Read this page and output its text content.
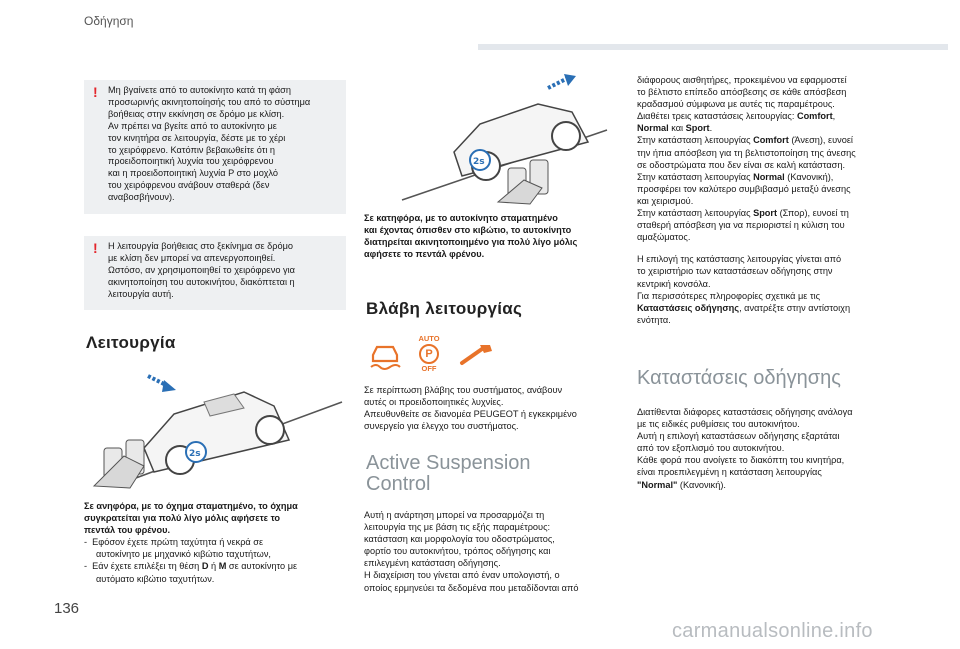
Οδήγηση
! Μη βγαίνετε από το αυτοκίνητο κατά τη φάση
προσωρινής ακινητοποίησής του από το σύστημα
βοήθειας στην εκκίνηση σε δρόμο με κλίση.
Αν πρέπει να βγείτε από το αυτοκίνητο με
τον κινητήρα σε λειτουργία, δέστε με το χέρι
το χειρόφρενο. Κατόπιν βεβαιωθείτε ότι η
προειδοποιητική λυχνία του χειρόφρενου
και η προειδοποιητική λυχνία P στο μοχλό
του χειρόφρενου ανάβουν σταθερά (δεν
αναβοσβήνουν).
! Η λειτουργία βοήθειας στο ξεκίνημα σε δρόμο
με κλίση δεν μπορεί να απενεργοποιηθεί.
Ωστόσο, αν χρησιμοποιηθεί το χειρόφρενο για
ακινητοποίηση του αυτοκινήτου, διακόπτεται η
λειτουργία αυτή.
Λειτουργία
2s
Σε ανηφόρα, με το όχημα σταματημένο, το όχημα
συγκρατείται για πολύ λίγο μόλις αφήσετε το
πεντάλ του φρένου.
- Εφόσον έχετε πρώτη ταχύτητα ή νεκρά σε
αυτοκίνητο με μηχανικό κιβώτιο ταχυτήτων,
- Εάν έχετε επιλέξει τη θέση D ή M σε αυτοκίνητο με
αυτόματο κιβώτιο ταχυτήτων.
2s
Σε κατηφόρα, με το αυτοκίνητο σταματημένο
και έχοντας όπισθεν στο κιβώτιο, το αυτοκίνητο
διατηρείται ακινητοποιημένο για πολύ λίγο μόλις
αφήσετε το πεντάλ φρένου.
Βλάβη λειτουργίας
AUTO
P
OFF
Σε περίπτωση βλάβης του συστήματος, ανάβουν
αυτές οι προειδοποιητικές λυχνίες.
Απευθυνθείτε σε διανομέα PEUGEOT ή εγκεκριμένο
συνεργείο για έλεγχο του συστήματος.
Active Suspension
Control
Αυτή η ανάρτηση μπορεί να προσαρμόζει τη
λειτουργία της με βάση τις εξής παραμέτρους:
κατάσταση και μορφολογία του οδοστρώματος,
φορτίο του αυτοκινήτου, τρόπος οδήγησης και
επιλεγμένη κατάσταση οδήγησης.
Η διαχείριση του γίνεται από έναν υπολογιστή, ο
οποίος ερμηνεύει τα δεδομένα που μεταδίδονται από
διάφορους αισθητήρες, προκειμένου να εφαρμοστεί
το βέλτιστο επίπεδο απόσβεσης σε κάθε απόσβεση
κραδασμού σύμφωνα με αυτές τις παραμέτρους.
Διαθέτει τρεις καταστάσεις λειτουργίας: Comfort,
Normal και Sport.
Στην κατάσταση λειτουργίας Comfort (Άνεση), ευνοεί
την ήπια απόσβεση για τη βελτιστοποίηση της άνεσης
σε οδοστρώματα που δεν είναι σε καλή κατάσταση.
Στην κατάσταση λειτουργίας Normal (Κανονική),
προσφέρει τον καλύτερο συμβιβασμό μεταξύ άνεσης
και χειρισμού.
Στην κατάσταση λειτουργίας Sport (Σπορ), ευνοεί τη
σταθερή απόσβεση για να περιοριστεί η κύλιση του
αμαξώματος.
Η επιλογή της κατάστασης λειτουργίας γίνεται από
το χειριστήριο των καταστάσεων οδήγησης στην
κεντρική κονσόλα.
Για περισσότερες πληροφορίες σχετικά με τις
Καταστάσεις οδήγησης, ανατρέξτε στην αντίστοιχη
ενότητα.
Καταστάσεις οδήγησης
Διατίθενται διάφορες καταστάσεις οδήγησης ανάλογα
με τις ειδικές ρυθμίσεις του αυτοκινήτου.
Αυτή η επιλογή καταστάσεων οδήγησης εξαρτάται
από τον εξοπλισμό του αυτοκινήτου.
Κάθε φορά που ανοίγετε το διακόπτη του κινητήρα,
είναι προεπιλεγμένη η κατάσταση λειτουργίας
"Normal" (Κανονική).
136
carmanualsonline.info
